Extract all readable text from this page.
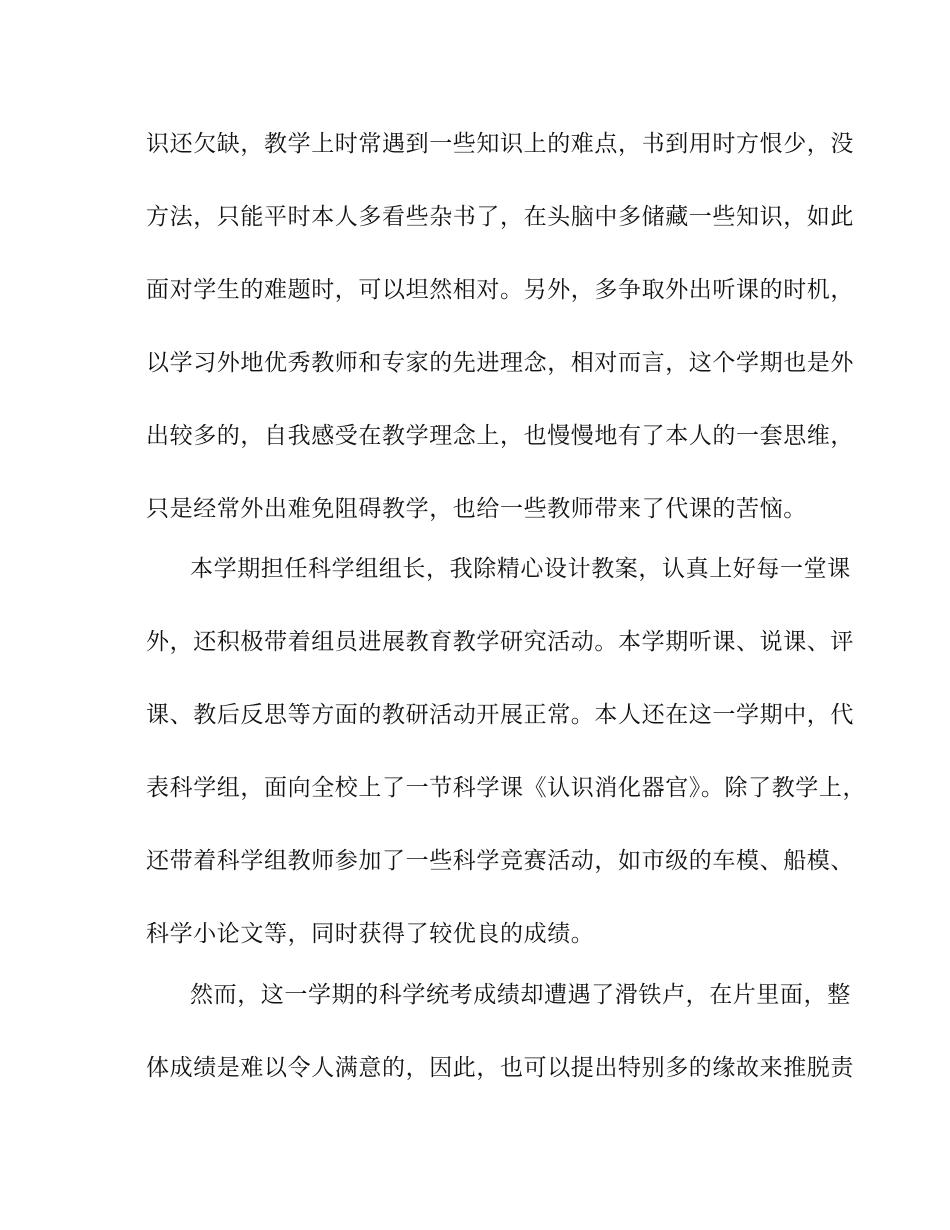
识还欠缺，教学上时常遇到一些知识上的难点，书到用时方恨少，没

方法，只能平时本人多看些杂书了，在头脑中多储藏一些知识，如此

面对学生的难题时，可以坦然相对。另外，多争取外出听课的时机，

以学习外地优秀教师和专家的先进理念，相对而言，这个学期也是外

出较多的，自我感受在教学理念上，也慢慢地有了本人的一套思维，

只是经常外出难免阻碍教学，也给一些教师带来了代课的苦恼。

本学期担任科学组组长，我除精心设计教案，认真上好每一堂课

外，还积极带着组员进展教育教学研究活动。本学期听课、说课、评

课、教后反思等方面的教研活动开展正常。本人还在这一学期中，代

表科学组，面向全校上了一节科学课《认识消化器官》。除了教学上，

还带着科学组教师参加了一些科学竞赛活动，如市级的车模、船模、

科学小论文等，同时获得了较优良的成绩。

然而，这一学期的科学统考成绩却遭遇了滑铁卢，在片里面，整

体成绩是难以令人满意的，因此，也可以提出特别多的缘故来推脱责
